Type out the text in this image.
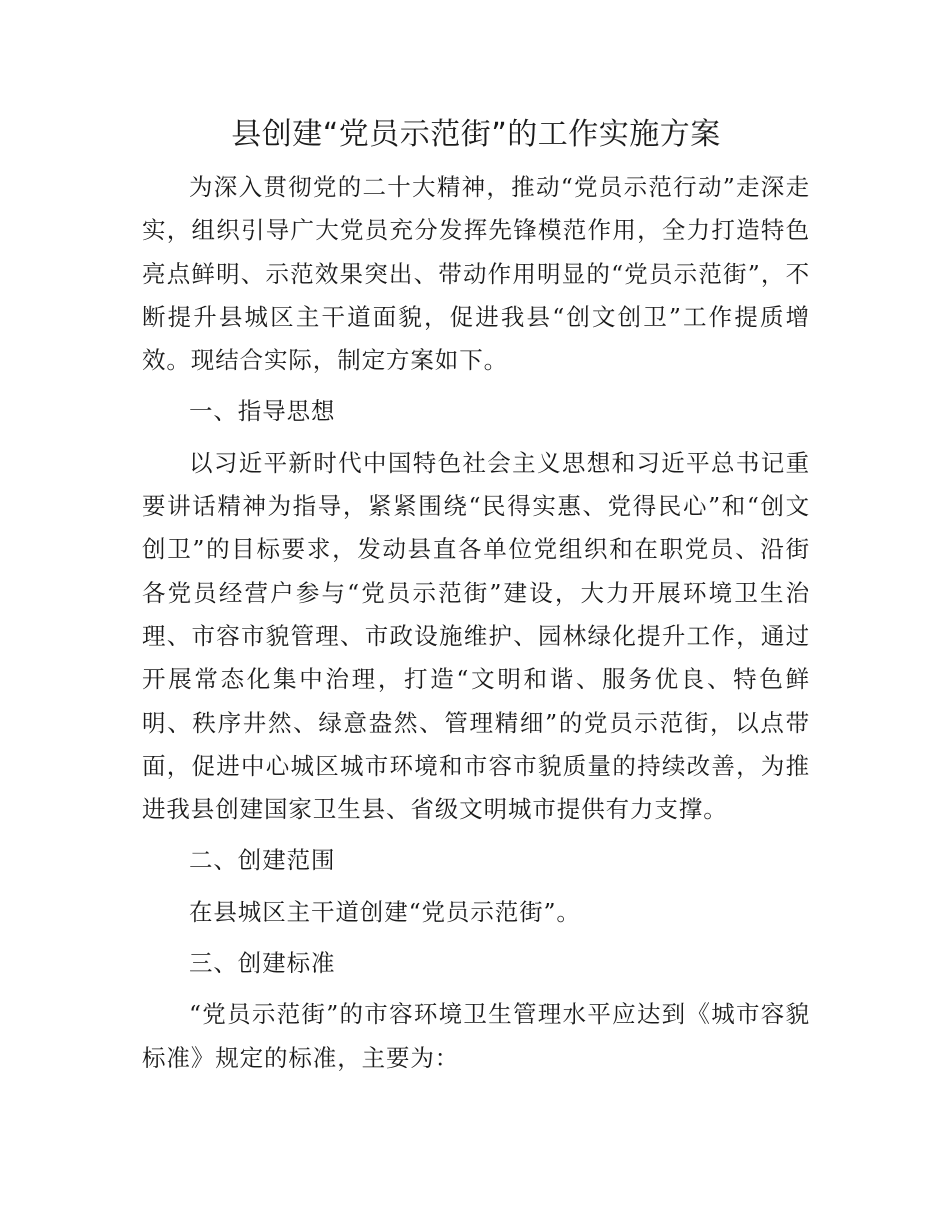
县创建“党员示范街”的工作实施方案

为深入贯彻党的二十大精神，推动“党员示范行动”走深走实，组织引导广大党员充分发挥先锋模范作用，全力打造特色亮点鲜明、示范效果突出、带动作用明显的“党员示范街”，不断提升县城区主干道面貌，促进我县“创文创卫”工作提质增效。现结合实际，制定方案如下。

一、指导思想

以习近平新时代中国特色社会主义思想和习近平总书记重要讲话精神为指导，紧紧围绕“民得实惠、党得民心”和“创文创卫”的目标要求，发动县直各单位党组织和在职党员、沿街各党员经营户参与“党员示范街”建设，大力开展环境卫生治理、市容市貌管理、市政设施维护、园林绿化提升工作，通过开展常态化集中治理，打造“文明和谐、服务优良、特色鲜明、秩序井然、绿意盎然、管理精细”的党员示范街，以点带面，促进中心城区城市环境和市容市貌质量的持续改善，为推进我县创建国家卫生县、省级文明城市提供有力支撑。

二、创建范围

在县城区主干道创建“党员示范街”。

三、创建标准

“党员示范街”的市容环境卫生管理水平应达到《城市容貌标准》规定的标准，主要为：
